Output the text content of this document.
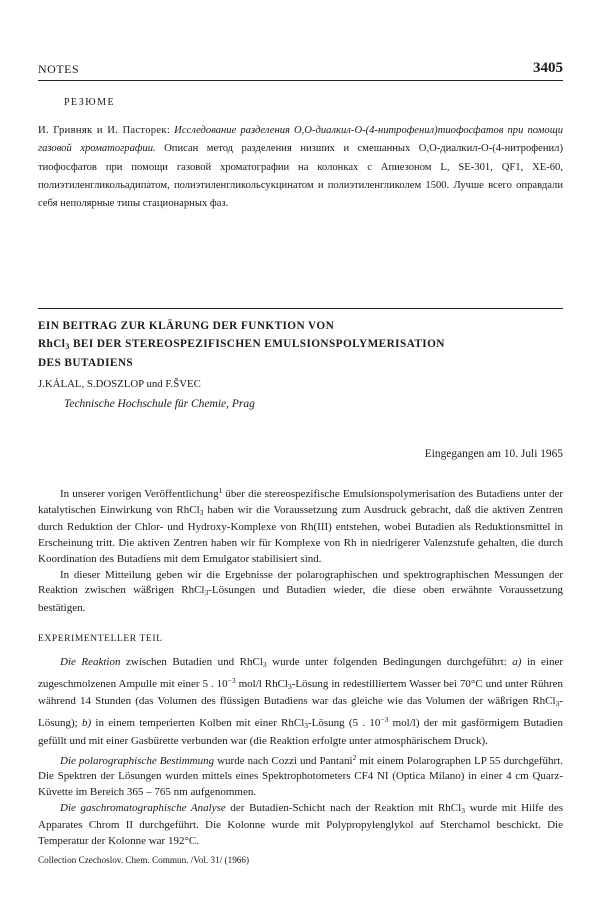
NOTES	3405
РЕЗЮМЕ
И. Гривняк и И. Пасторек: Исследование разделения О,О-диалкил-О-(4-нитрофенил)тиофосфатов при помощи газовой хроматографии. Описан метод разделения низших и смешанных О,О-диалкил-О-(4-нитрофенил) тиофосфатов при помощи газовой хроматографии на колонках с Апиезоном L, SE-301, QF1, XE-60, полиэтиленгликольадипатом, полиэтиленгликольсукцинатом и полиэтиленгликолем 1500. Лучше всего оправдали себя неполярные типы стационарных фаз.
EIN BEITRAG ZUR KLÄRUNG DER FUNKTION VON
RhCl$_3$ BEI DER STEREOSPEZIFISCHEN EMULSIONSPOLYMERISATION
DES BUTADIENS
J.KÁLAL, S.DOSZLOP und F.ŠVEC
Technische Hochschule für Chemie, Prag
Eingegangen am 10. Juli 1965

In unserer vorigen Veröffentlichung$^1$ über die stereospezifische Emulsionspolymerisation des Butadiens unter der katalytischen Einwirkung von RhCl3 haben wir die Voraussetzung zum Ausdruck gebracht, daß die aktiven Zentren durch Reduktion der Chlor- und Hydroxy-Komplexe von Rh(III) entstehen, wobei Butadien als Reduktionsmittel in Erscheinung tritt. Die aktiven Zentren haben wir für Komplexe von Rh in niedrigerer Valenzstufe gehalten, die durch Koordination des Butadiens mit dem Emulgator stabilisiert sind.

In dieser Mitteilung geben wir die Ergebnisse der polarographischen und spektrographischen Messungen der Reaktion zwischen wäßrigen RhCl3-Lösungen und Butadien wieder, die diese oben erwähnte Voraussetzung bestätigen.

EXPERIMENTELLER TEIL

Die Reaktion zwischen Butadien und RhCl3 wurde unter folgenden Bedingungen durchgeführt: a) in einer zugeschmolzenen Ampulle mit einer 5 . $10^{-3}$ mol/l RhCl3-Lösung in redestilliertem Wasser bei 70°C und unter Rühren während 14 Stunden (das Volumen des flüssigen Butadiens war das gleiche wie das Volumen der wäßrigen RhCl3-Lösung); b) in einem temperierten Kolben mit einer RhCl3-Lösung (5 . $10^{-3}$ mol/l) der mit gasförmigem Butadien gefüllt und mit einer Gasbürette verbunden war (die Reaktion erfolgte unter atmosphärischem Druck).

Die polarographische Bestimmung wurde nach Cozzi und Pantani$^2$ mit einem Polarographen LP 55 durchgeführt. Die Spektren der Lösungen wurden mittels eines Spektrophotometers CF4 NI (Optica Milano) in einer 4 cm Quarz-Küvette im Bereich 365 – 765 nm aufgenommen.

Die gaschromatographische Analyse der Butadien-Schicht nach der Reaktion mit RhCl3 wurde mit Hilfe des Apparates Chrom II durchgeführt. Die Kolonne wurde mit Polypropylenglykol auf Sterchamol beschickt. Die Temperatur der Kolonne war 192°C.

Collection Czechoslov. Chem. Commun. /Vol. 31/ (1966)
